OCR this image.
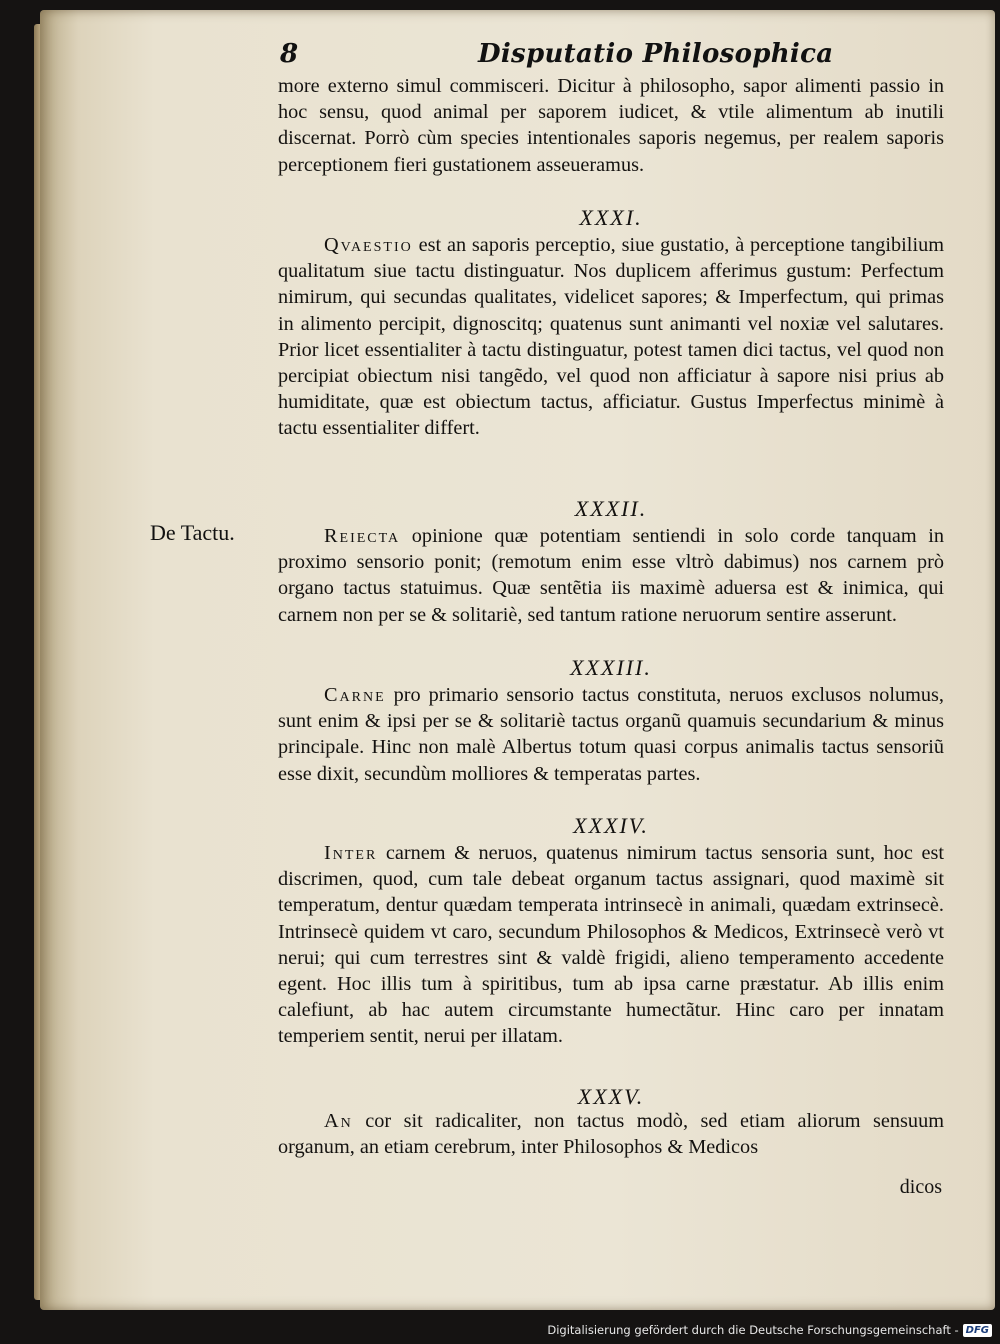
8	Disputatio Philosophica
De Tactu.

more externo simul commisceri. Dicitur à philosopho, sapor alimenti passio in hoc sensu, quod animal per saporem iudicet, & vtile alimentum ab inutili discernat. Porrò cùm species intentionales saporis negemus, per realem saporis perceptionem fieri gustationem asseueramus.

XXXI.

Qvaestio est an saporis perceptio, siue gustatio, à perceptione tangibilium qualitatum siue tactu distinguatur. Nos duplicem afferimus gustum: Perfectum nimirum, qui secundas qualitates, videlicet sapores; & Imperfectum, qui primas in alimento percipit, dignoscitq; quatenus sunt animanti vel noxiæ vel salutares. Prior licet essentialiter à tactu distinguatur, potest tamen dici tactus, vel quod non percipiat obiectum nisi tangẽdo, vel quod non afficiatur à sapore nisi prius ab humiditate, quæ est obiectum tactus, afficiatur. Gustus Imperfectus minimè à tactu essentialiter differt.

XXXII.

Reiecta opinione quæ potentiam sentiendi in solo corde tanquam in proximo sensorio ponit; (remotum enim esse vltrò dabimus) nos carnem prò organo tactus statuimus. Quæ sentẽtia iis maximè aduersa est & inimica, qui carnem non per se & solitariè, sed tantum ratione neruorum sentire asserunt.

XXXIII.

Carne pro primario sensorio tactus constituta, neruos exclusos nolumus, sunt enim & ipsi per se & solitariè tactus organũ quamuis secundarium & minus principale. Hinc non malè Albertus totum quasi corpus animalis tactus sensoriũ esse dixit, secundùm molliores & temperatas partes.

XXXIV.

Inter carnem & neruos, quatenus nimirum tactus sensoria sunt, hoc est discrimen, quod, cum tale debeat organum tactus assignari, quod maximè sit temperatum, dentur quædam temperata intrinsecè in animali, quædam extrinsecè. Intrinsecè quidem vt caro, secundum Philosophos & Medicos, Extrinsecè verò vt nerui; qui cum terrestres sint & valdè frigidi, alieno temperamento accedente egent. Hoc illis tum à spiritibus, tum ab ipsa carne præstatur. Ab illis enim calefiunt, ab hac autem circumstante humectãtur. Hinc caro per innatam temperiem sentit, nerui per illatam.

XXXV.

An cor sit radicaliter, non tactus modò, sed etiam aliorum sensuum organum, an etiam cerebrum, inter Philosophos & Medicos

dicos
Digitalisierung gefördert durch die Deutsche Forschungsgemeinschaft - DFG
